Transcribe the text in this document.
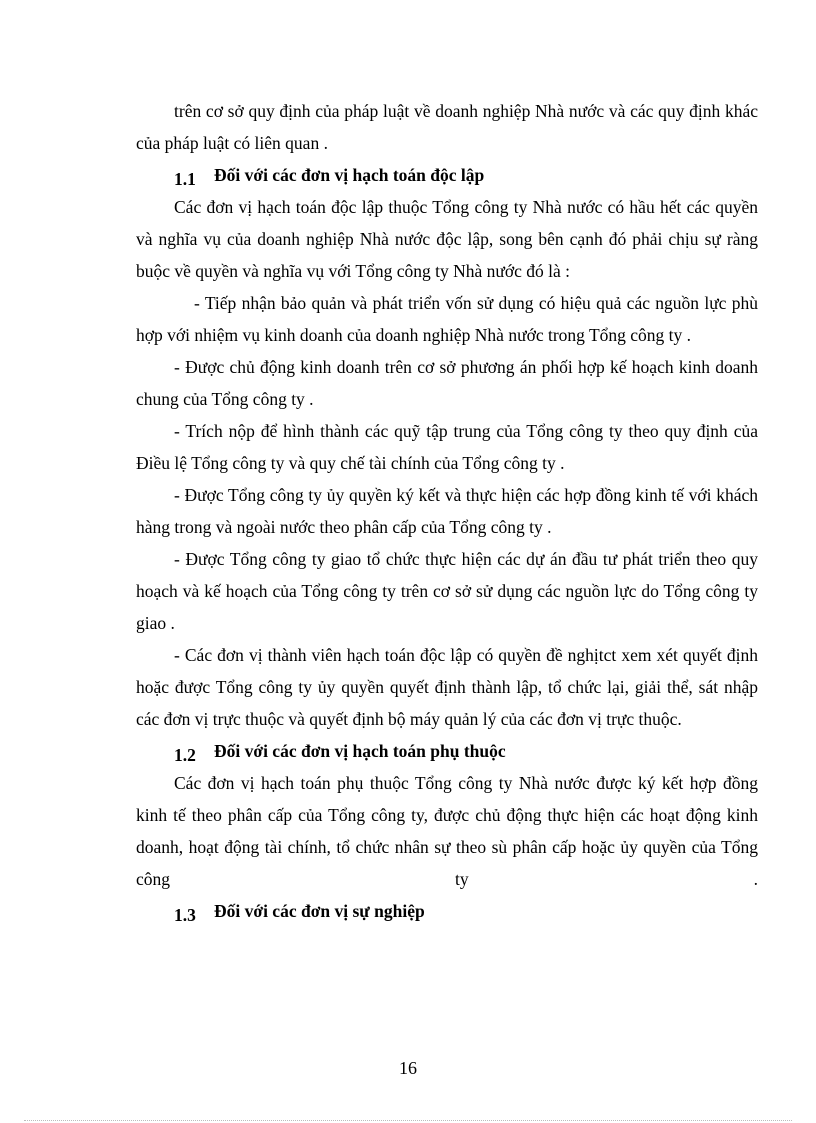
trên cơ sở quy định của pháp luật về doanh nghiệp Nhà nước và các quy định khác của pháp luật có liên quan .

1.1 Đối với các đơn vị hạch toán độc lập

Các đơn vị hạch toán độc lập thuộc Tổng công ty Nhà nước có hầu hết các quyền và nghĩa vụ của doanh nghiệp Nhà nước độc lập, song bên cạnh đó phải chịu sự ràng buộc về quyền và nghĩa vụ với Tổng công ty Nhà nước đó là :

- Tiếp nhận bảo quản và phát triển vốn sử dụng có hiệu quả các nguồn lực phù hợp với nhiệm vụ kinh doanh của doanh nghiệp Nhà nước trong Tổng công ty .

- Được chủ động kinh doanh trên cơ sở phương án phối hợp kế hoạch kinh doanh chung của Tổng công ty .

- Trích nộp để hình thành các quỹ tập trung của Tổng công ty theo quy định của Điều lệ Tổng công ty và quy chế tài chính của Tổng công ty .

- Được Tổng công ty ủy quyền ký kết và thực hiện các hợp đồng kinh tế với khách hàng trong và ngoài nước theo phân cấp của Tổng công ty .

- Được Tổng công ty giao tổ chức thực hiện các dự án đầu tư phát triển theo quy hoạch và kế hoạch của Tổng công ty trên cơ sở sử dụng các nguồn lực do Tổng công ty giao .

- Các đơn vị thành viên hạch toán độc lập có quyền đề nghịtct xem xét quyết định hoặc được Tổng công ty ủy quyền quyết định thành lập, tổ chức lại, giải thể, sát nhập các đơn vị trực thuộc và quyết định bộ máy quản lý của các đơn vị trực thuộc.

1.2 Đối với các đơn vị hạch toán phụ thuộc

Các đơn vị hạch toán phụ thuộc Tổng công ty Nhà nước được ký kết hợp đồng kinh tế theo phân cấp của Tổng công ty, được chủ động thực hiện các hoạt động kinh doanh, hoạt động tài chính, tổ chức nhân sự theo sù phân cấp hoặc ủy quyền của Tổng công ty .

1.3 Đối với các đơn vị sự nghiệp
16
